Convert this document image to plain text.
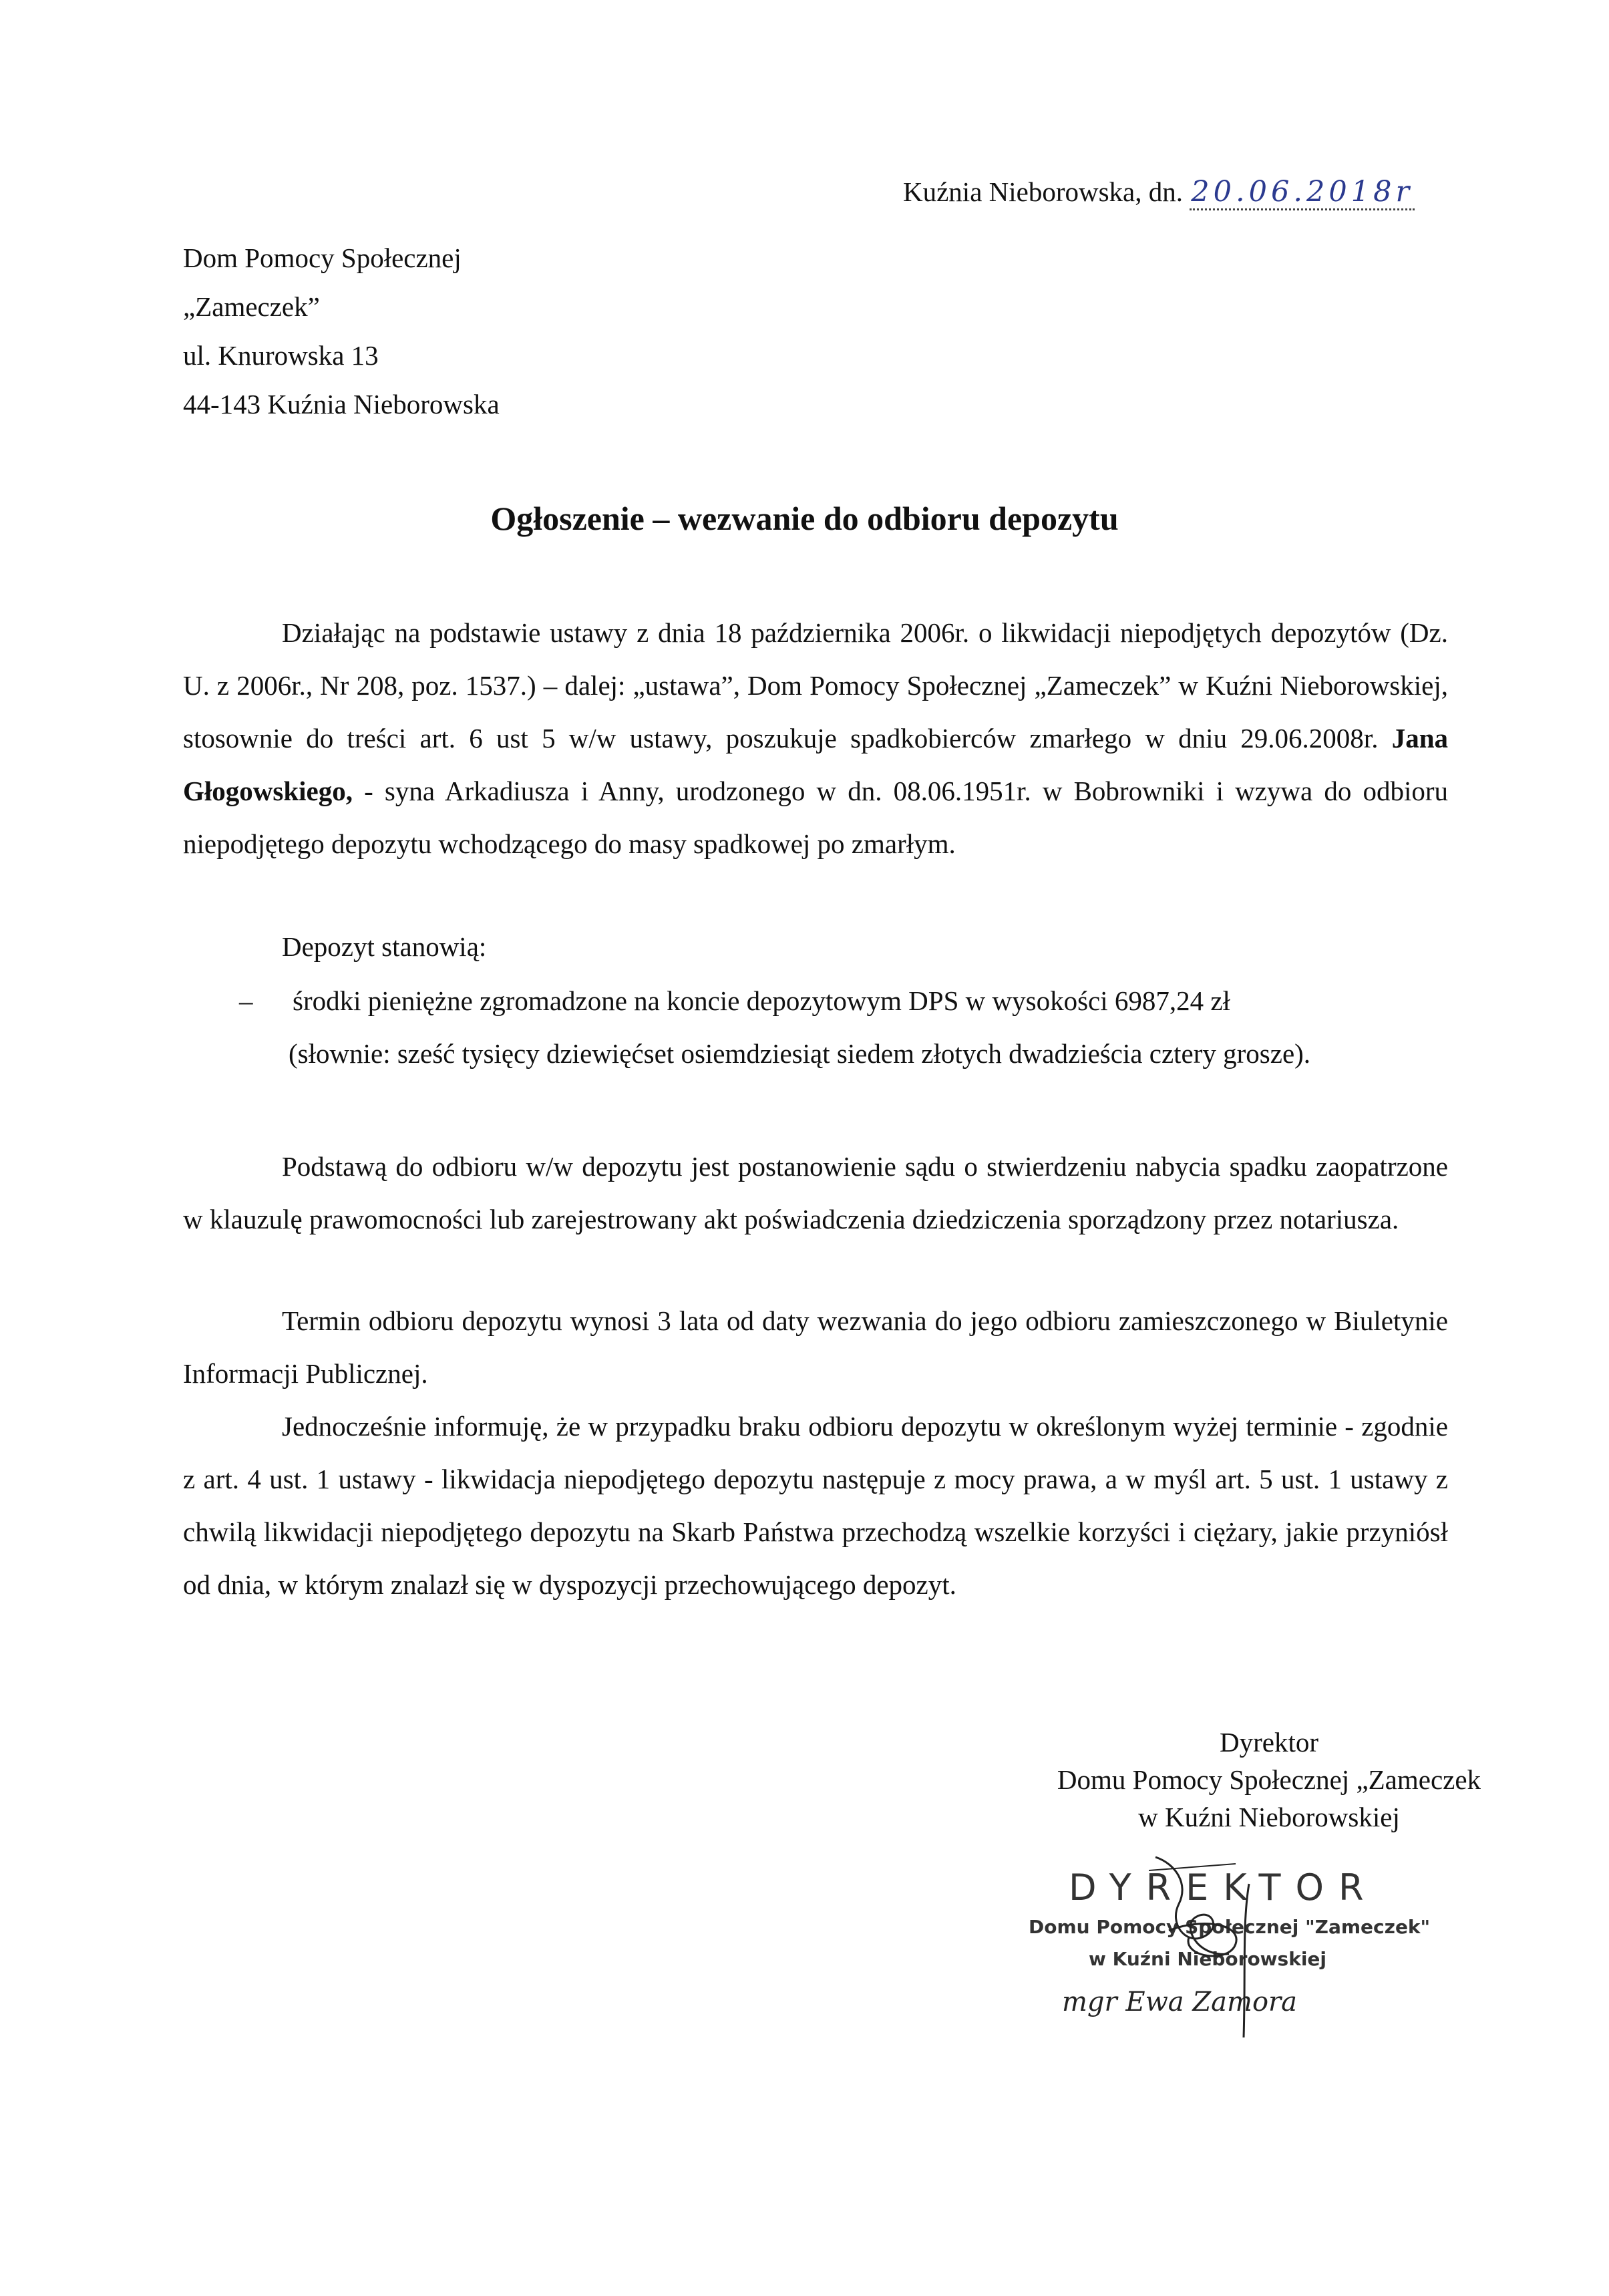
Kuźnia Nieborowska, dn. 20.06.2018r
Dom Pomocy Społecznej
„Zameczek”
ul. Knurowska 13
44-143 Kuźnia Nieborowska
Ogłoszenie – wezwanie do odbioru depozytu

Działając na podstawie ustawy z dnia 18 października 2006r. o likwidacji niepodjętych depozytów (Dz. U. z 2006r., Nr 208, poz. 1537.) – dalej: „ustawa”, Dom Pomocy Społecznej „Zameczek” w Kuźni Nieborowskiej, stosownie do treści art. 6 ust 5 w/w ustawy, poszukuje spadkobierców zmarłego w dniu 29.06.2008r. Jana Głogowskiego, - syna Arkadiusza i Anny, urodzonego w dn. 08.06.1951r. w Bobrowniki i wzywa do odbioru niepodjętego depozytu wchodzącego do masy spadkowej po zmarłym.

Depozyt stanowią:
– środki pieniężne zgromadzone na koncie depozytowym DPS w wysokości 6987,24 zł
(słownie: sześć tysięcy dziewięćset osiemdziesiąt siedem złotych dwadzieścia cztery grosze).

Podstawą do odbioru w/w depozytu jest postanowienie sądu o stwierdzeniu nabycia spadku zaopatrzone w klauzulę prawomocności lub zarejestrowany akt poświadczenia dziedziczenia sporządzony przez notariusza.

Termin odbioru depozytu wynosi 3 lata od daty wezwania do jego odbioru zamieszczonego w Biuletynie Informacji Publicznej.

Jednocześnie informuję, że w przypadku braku odbioru depozytu w określonym wyżej terminie - zgodnie z art. 4 ust. 1 ustawy - likwidacja niepodjętego depozytu następuje z mocy prawa, a w myśl art. 5 ust. 1 ustawy z chwilą likwidacji niepodjętego depozytu na Skarb Państwa przechodzą wszelkie korzyści i ciężary, jakie przyniósł od dnia, w którym znalazł się w dyspozycji przechowującego depozyt.

Dyrektor
Domu Pomocy Społecznej „Zameczek
w Kuźni Nieborowskiej
DYREKTOR
Domu Pomocy Społecznej "Zameczek"
w Kuźni Nieborowskiej
mgr Ewa Zamora
